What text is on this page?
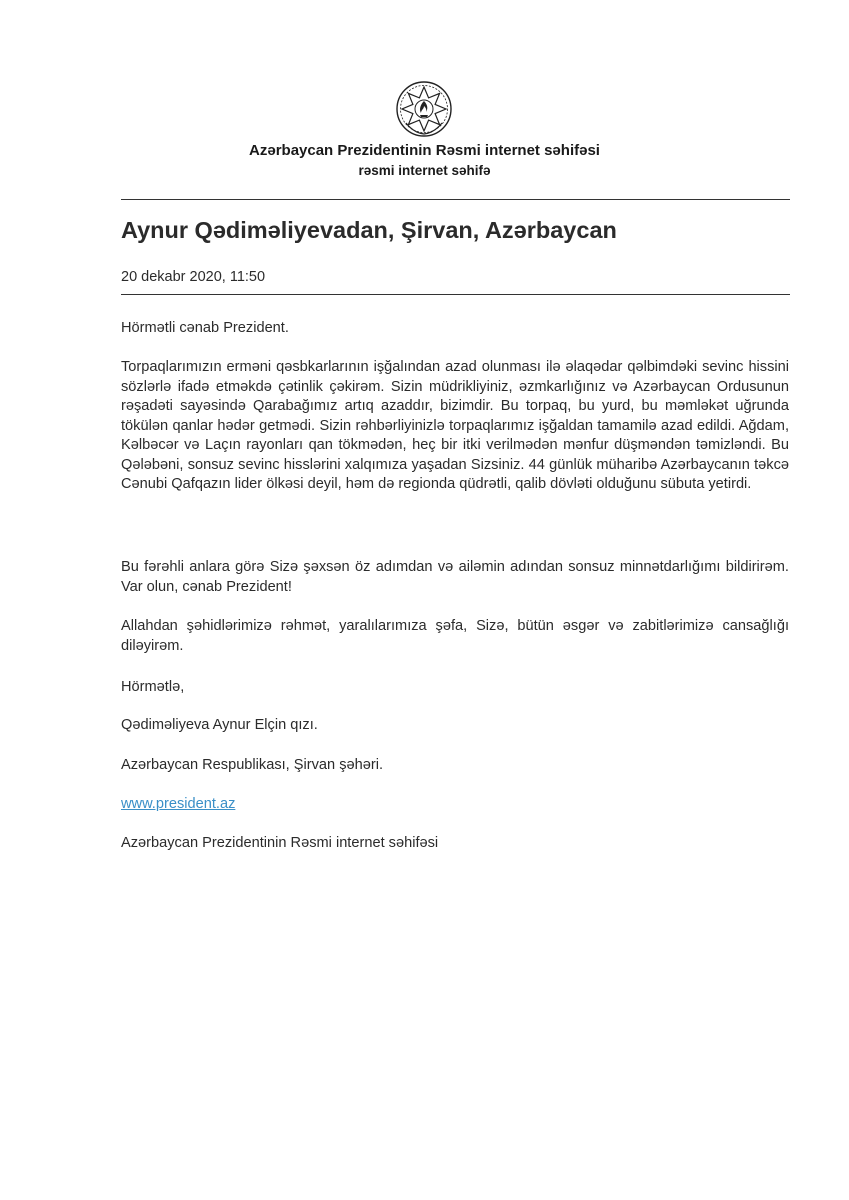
Azərbaycan Prezidentinin Rəsmi internet səhifəsi
rəsmi internet səhifə
Aynur Qədiməliyevadan, Şirvan, Azərbaycan
20 dekabr 2020, 11:50

Hörmətli cənab Prezident.

Torpaqlarımızın erməni qəsbkarlarının işğalından azad olunması ilə əlaqədar qəlbimdəki sevinc hissini sözlərlə ifadə etməkdə çətinlik çəkirəm. Sizin müdrikliyiniz, əzmkarlığınız və Azərbaycan Ordusunun rəşadəti sayəsində Qarabağımız artıq azaddır, bizimdir. Bu torpaq, bu yurd, bu məmləkət uğrunda tökülən qanlar hədər getmədi. Sizin rəhbərliyinizlə torpaqlarımız işğaldan tamamilə azad edildi. Ağdam, Kəlbəcər və Laçın rayonları qan tökmədən, heç bir itki verilmədən mənfur düşməndən təmizləndi. Bu Qələbəni, sonsuz sevinc hisslərini xalqımıza yaşadan Sizsiniz. 44 günlük müharibə Azərbaycanın təkcə Cənubi Qafqazın lider ölkəsi deyil, həm də regionda qüdrətli, qalib dövləti olduğunu sübuta yetirdi.

Bu fərəhli anlara görə Sizə şəxsən öz adımdan və ailəmin adından sonsuz minnətdarlığımı bildirirəm. Var olun, cənab Prezident!

Allahdan şəhidlərimizə rəhmət, yaralılarımıza şəfa, Sizə, bütün əsgər və zabitlərimizə cansağlığı diləyirəm.

Hörmətlə,

Qədiməliyeva Aynur Elçin qızı.

Azərbaycan Respublikası, Şirvan şəhəri.

www.president.az

Azərbaycan Prezidentinin Rəsmi internet səhifəsi
